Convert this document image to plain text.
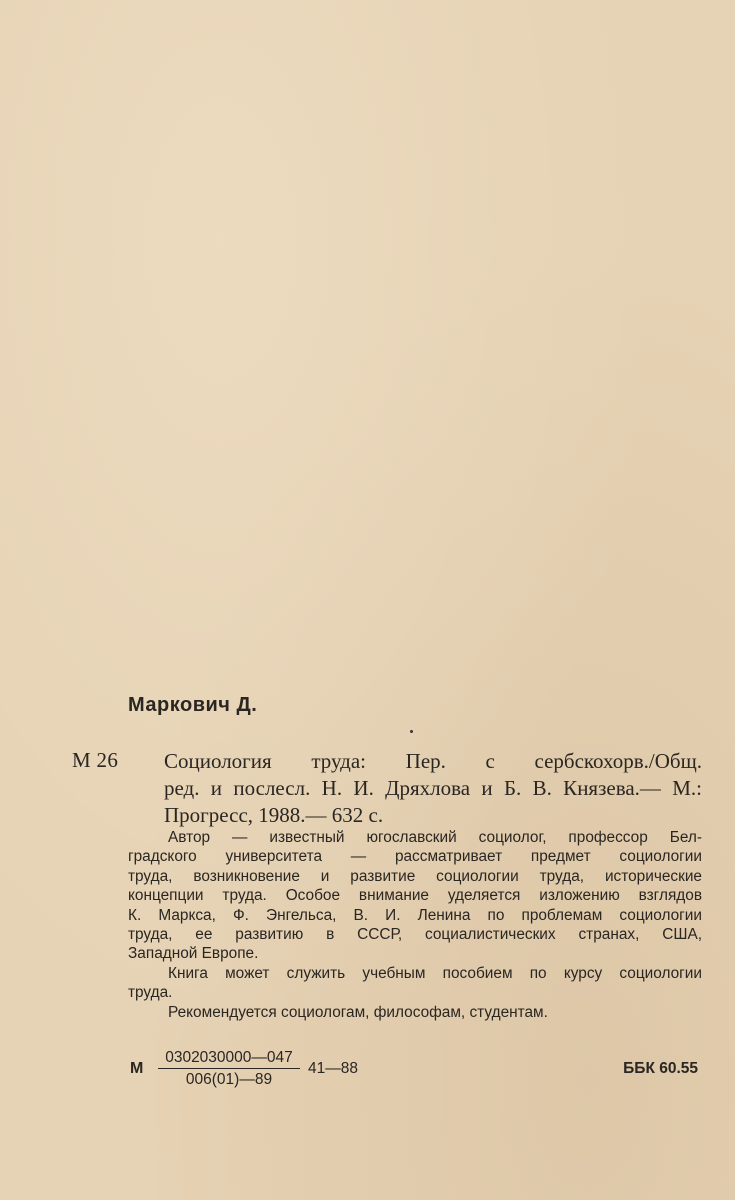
Маркович Д.
М 26 Социология труда: Пер. с сербскохорв./Общ.
ред. и послесл. Н. И. Дряхлова и Б. В. Князева.— М.:
Прогресс, 1988.— 632 с.
Автор — известный югославский социолог, профессор Бел-
градского университета — рассматривает предмет социологии
труда, возникновение и развитие социологии труда, исторические
концепции труда. Особое внимание уделяется изложению взглядов
К. Маркса, Ф. Энгельса, В. И. Ленина по проблемам социологии
труда, ее развитию в СССР, социалистических странах, США,
Западной Европе.
Книга может служить учебным пособием по курсу социологии
труда.
Рекомендуется социологам, философам, студентам.
М
0302030000—047
006(01)—89
41—88	ББК 60.55
